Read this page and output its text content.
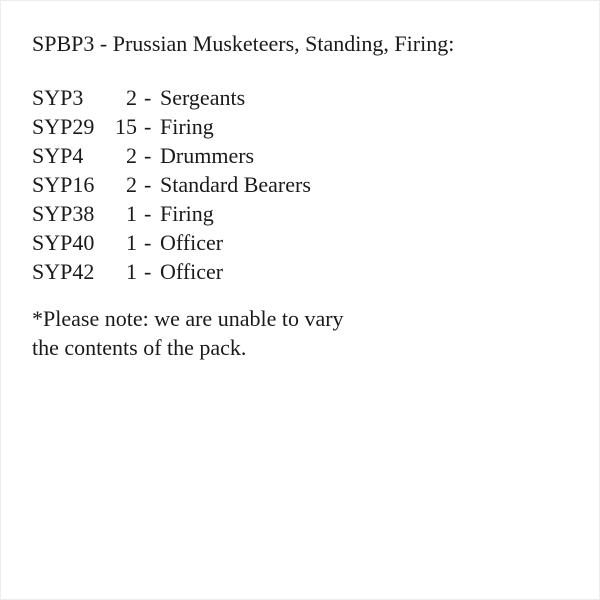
SPBP3 - Prussian Musketeers, Standing, Firing:
SYP3	2 - Sergeants
SYP29 15 - Firing
SYP4	2 - Drummers
SYP16	2 - Standard Bearers
SYP38	1 - Firing
SYP40	1 - Officer
SYP42	1 - Officer
*Please note: we are unable to vary
the contents of the pack.
